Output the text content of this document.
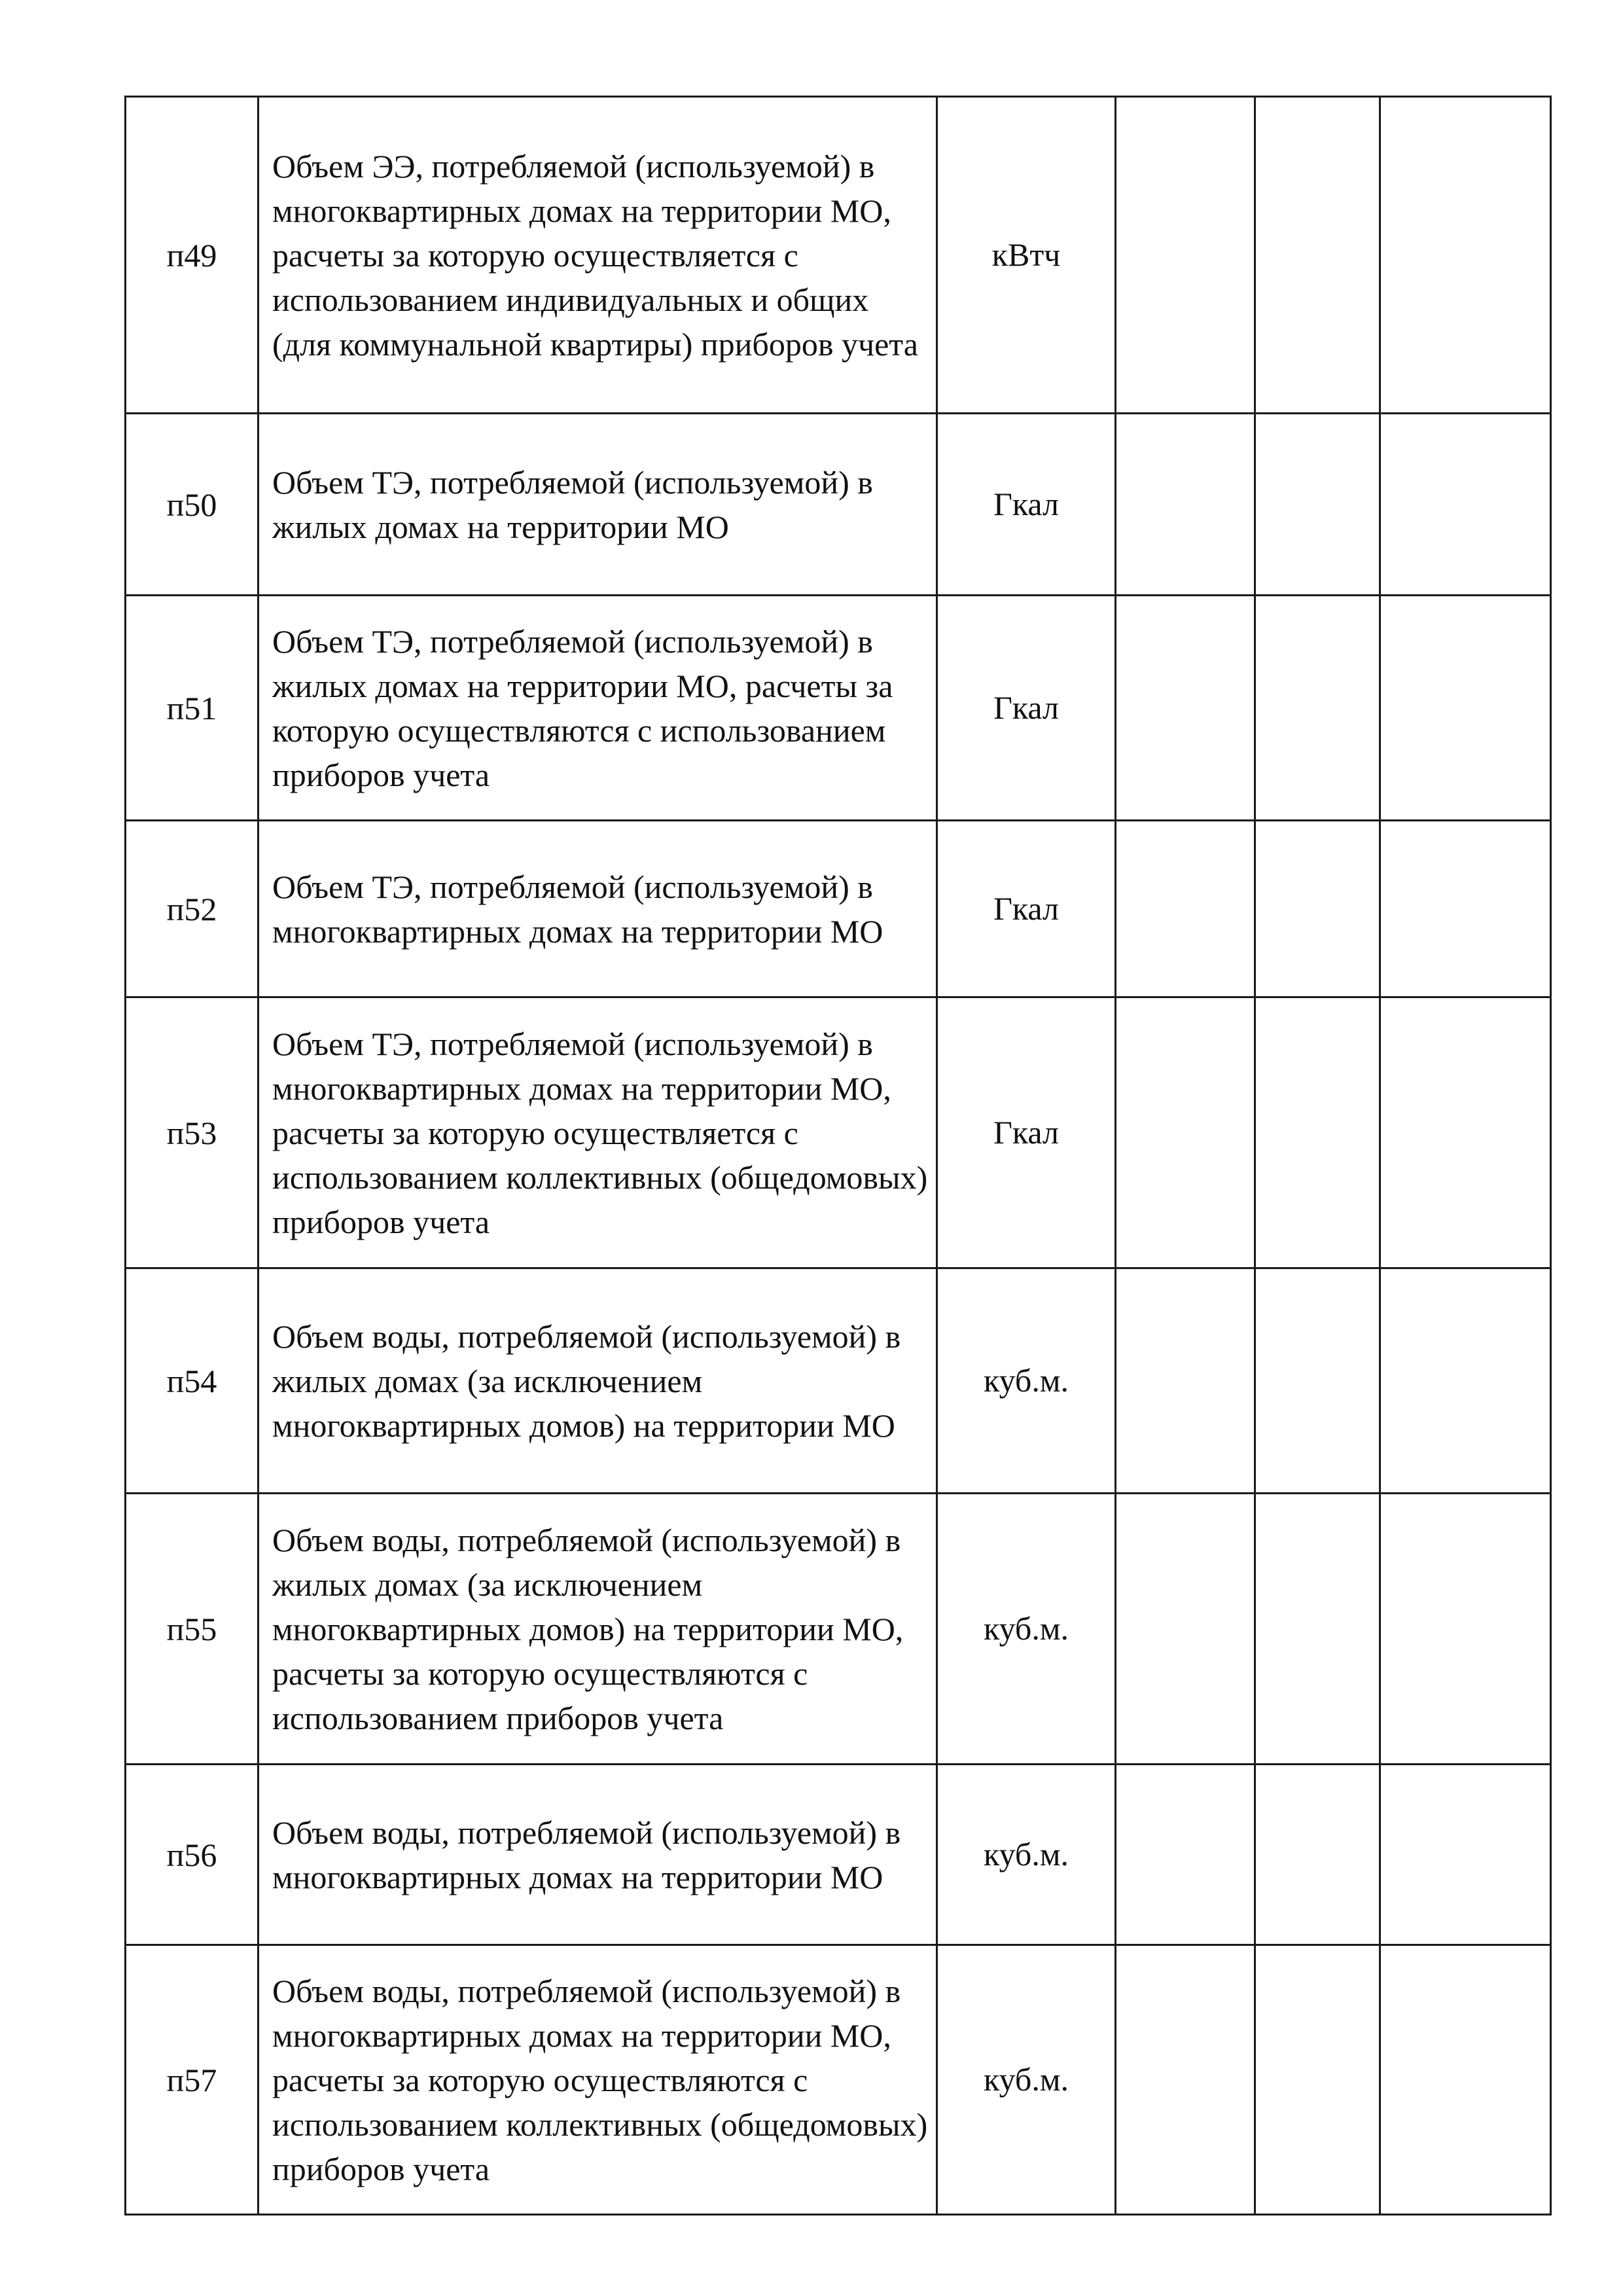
п49	Объем ЭЭ, потребляемой (используемой) в многоквартирных домах на территории МО, расчеты за которую осуществляется с использованием индивидуальных и общих (для коммунальной квартиры) приборов учета	кВтч			

п50	Объем ТЭ, потребляемой (используемой) в жилых домах на территории МО	Гкал			

п51	Объем ТЭ, потребляемой (используемой) в жилых домах на территории МО, расчеты за которую осуществляются с использованием приборов учета	Гкал			

п52	Объем ТЭ, потребляемой (используемой) в многоквартирных домах на территории МО	Гкал			

п53	Объем ТЭ, потребляемой (используемой) в многоквартирных домах на территории МО, расчеты за которую осуществляется с использованием коллективных (общедомовых) приборов учета	Гкал			

п54	Объем воды, потребляемой (используемой) в жилых домах (за исключением многоквартирных домов) на территории МО	куб.м.			

п55	Объем воды, потребляемой (используемой) в жилых домах (за исключением многоквартирных домов) на территории МО, расчеты за которую осуществляются с использованием приборов учета	куб.м.			

п56	Объем воды, потребляемой (используемой) в многоквартирных домах на территории МО	куб.м.			

п57	Объем воды, потребляемой (используемой) в многоквартирных домах на территории МО, расчеты за которую осуществляются с использованием коллективных (общедомовых) приборов учета	куб.м.			
